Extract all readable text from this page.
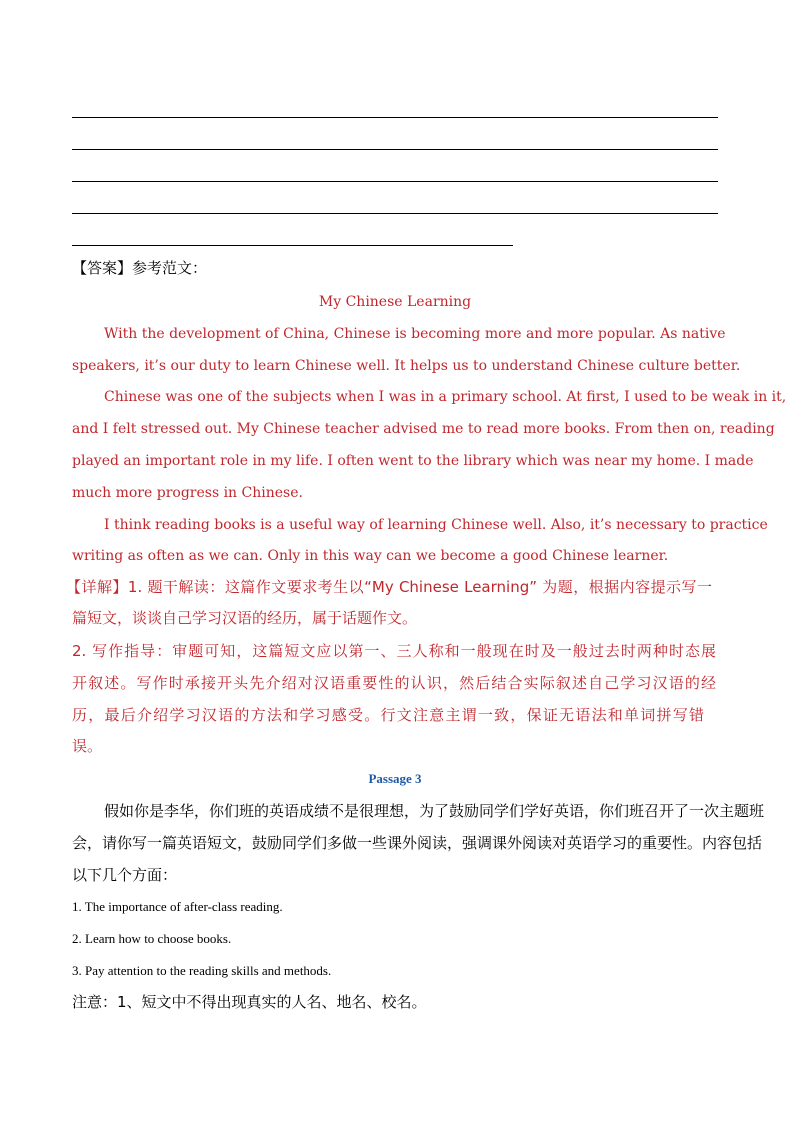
【答案】参考范文：
My Chinese Learning
With the development of China, Chinese is becoming more and more popular. As native
speakers, it’s our duty to learn Chinese well. It helps us to understand Chinese culture better.
Chinese was one of the subjects when I was in a primary school. At first, I used to be weak in it,
and I felt stressed out. My Chinese teacher advised me to read more books. From then on, reading
played an important role in my life. I often went to the library which was near my home. I made
much more progress in Chinese.
I think reading books is a useful way of learning Chinese well. Also, it’s necessary to practice
writing as often as we can. Only in this way can we become a good Chinese learner.
【详解】1. 题干解读：这篇作文要求考生以“My Chinese Learning” 为题，根据内容提示写一
篇短文，谈谈自己学习汉语的经历，属于话题作文。
2. 写作指导：审题可知，这篇短文应以第一、三人称和一般现在时及一般过去时两种时态展
开叙述。写作时承接开头先介绍对汉语重要性的认识，然后结合实际叙述自己学习汉语的经
历，最后介绍学习汉语的方法和学习感受。行文注意主谓一致，保证无语法和单词拼写错
误。
Passage 3
假如你是李华，你们班的英语成绩不是很理想，为了鼓励同学们学好英语，你们班召开了一次主题班
会，请你写一篇英语短文，鼓励同学们多做一些课外阅读，强调课外阅读对英语学习的重要性。内容包括
以下几个方面：
1. The importance of after-class reading.
2. Learn how to choose books.
3. Pay attention to the reading skills and methods.
注意：1、短文中不得出现真实的人名、地名、校名。
